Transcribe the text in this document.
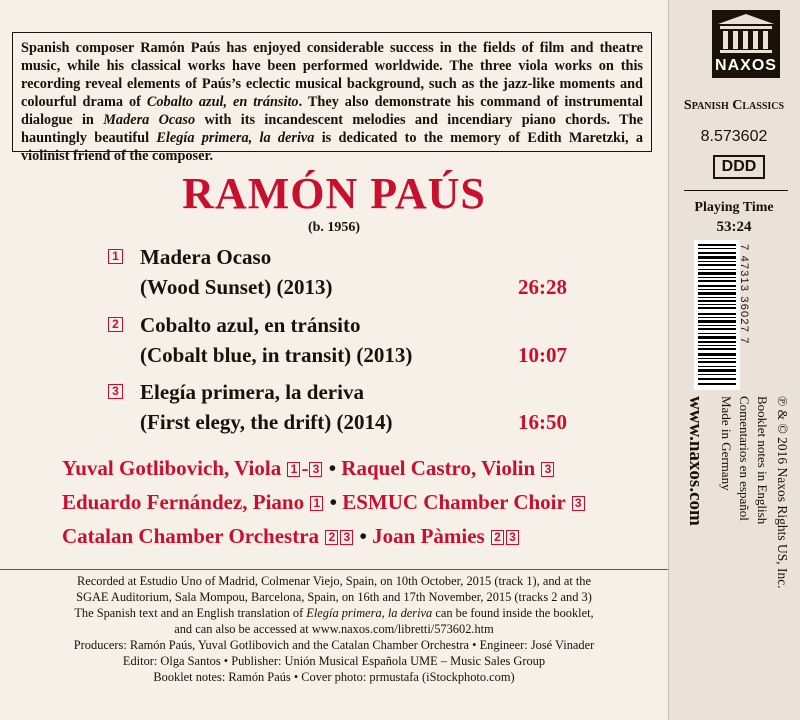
Spanish composer Ramón Paús has enjoyed considerable success in the fields of film and theatre music, while his classical works have been performed worldwide. The three viola works on this recording reveal elements of Paús’s eclectic musical background, such as the jazz-like moments and colourful drama of Cobalto azul, en tránsito. They also demonstrate his command of instrumental dialogue in Madera Ocaso with its incandescent melodies and incendiary piano chords. The hauntingly beautiful Elegía primera, la deriva is dedicated to the memory of Edith Maretzki, a violinist friend of the composer.
RAMÓN PAÚS
(b. 1956)
1 Madera Ocaso
(Wood Sunset) (2013)	26:28
2 Cobalto azul, en tránsito
(Cobalt blue, in transit) (2013)	10:07
3 Elegía primera, la deriva
(First elegy, the drift) (2014)	16:50
Yuval Gotlibovich, Viola 1 - 3 • Raquel Castro, Violin 3
Eduardo Fernández, Piano 1 • ESMUC Chamber Choir 3
Catalan Chamber Orchestra 2 3 • Joan Pàmies 2 3
Recorded at Estudio Uno of Madrid, Colmenar Viejo, Spain, on 10th October, 2015 (track 1), and at the
SGAE Auditorium, Sala Mompou, Barcelona, Spain, on 16th and 17th November, 2015 (tracks 2 and 3)
The Spanish text and an English translation of Elegía primera, la deriva can be found inside the booklet,
and can also be accessed at www.naxos.com/libretti/573602.htm
Producers: Ramón Paús, Yuval Gotlibovich and the Catalan Chamber Orchestra • Engineer: José Vinader
Editor: Olga Santos • Publisher: Unión Musical Española UME – Music Sales Group
Booklet notes: Ramón Paús • Cover photo: prmustafa (iStockphoto.com)
NAXOS
Spanish Classics
8.573602
DDD
Playing Time
53:24
7 47313 36027 7
℗ & © 2016 Naxos Rights US, Inc.
Booklet notes in English
Comentarios en español
Made in Germany
www.naxos.com
